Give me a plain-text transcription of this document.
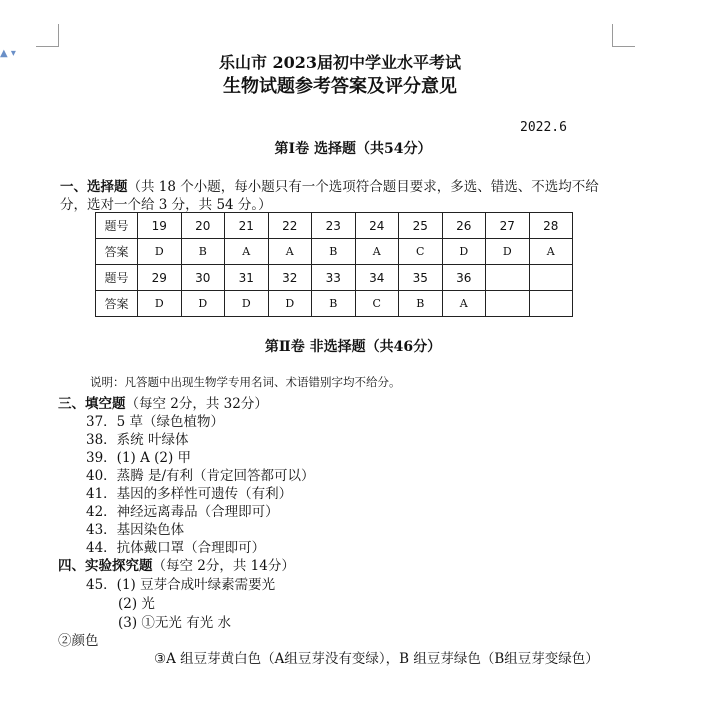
▲ ▾	乐山市 2023届初中学业水平考试
生物试题参考答案及评分意见
2022.6
第Ⅰ卷 选择题（共54分）
一、选择题（共 18 个小题，每小题只有一个选项符合题目要求，多选、错选、不选均不给
分，选对一个给 3 分，共 54 分。）
题号	19	20	21	22	23	24	25	26	27	28
答案	D	B	A	A	B	A	C	D	D	A
题号	29	30	31	32	33	34	35	36		
答案	D	D	D	D	B	C	B	A		
第Ⅱ卷 非选择题（共46分）
说明：凡答题中出现生物学专用名词、术语错别字均不给分。
三、填空题（每空 2分，共 32分）
37．5 草（绿色植物）
38．系统 叶绿体
39．(1) A (2) 甲
40．蒸腾 是/有利（肯定回答都可以）
41．基因的多样性可遗传（有利）
42．神经远离毒品（合理即可）
43．基因染色体
44．抗体戴口罩（合理即可）
四、实验探究题（每空 2分，共 14分）
45．(1) 豆芽合成叶绿素需要光
(2) 光
(3) ①无光 有光 水
②颜色
③A 组豆芽黄白色（A组豆芽没有变绿），B 组豆芽绿色（B组豆芽变绿色）
